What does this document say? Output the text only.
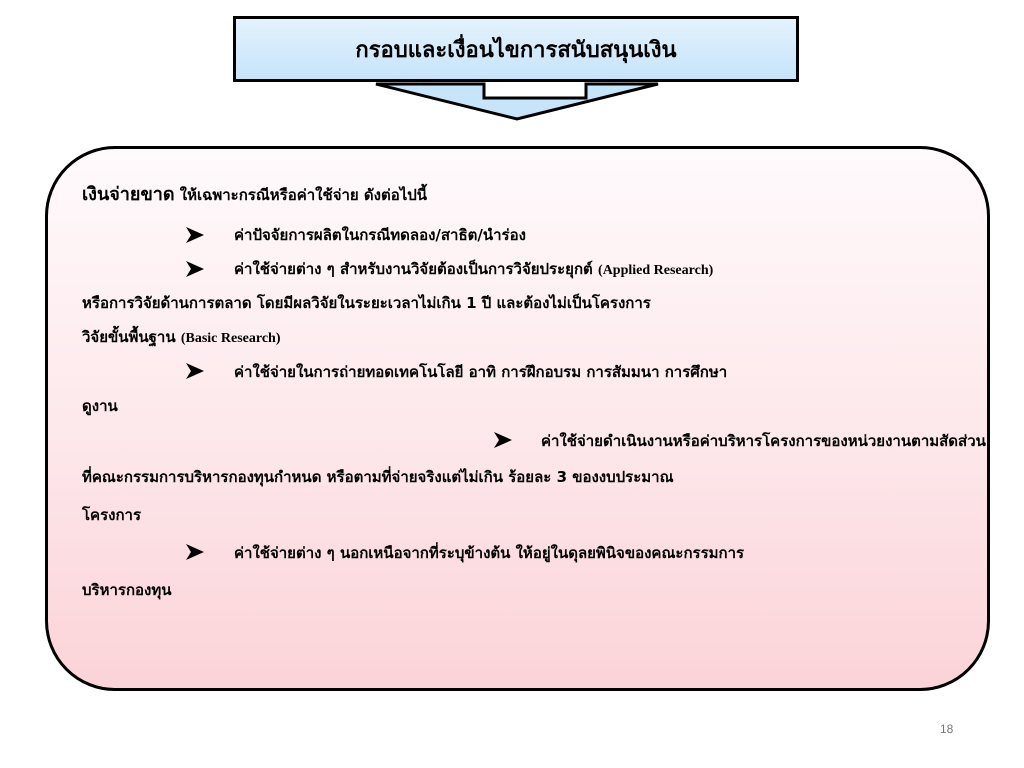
กรอบและเงื่อนไขการสนับสนุนเงิน
เงินจ่ายขาด ให้เฉพาะกรณีหรือค่าใช้จ่าย ดังต่อไปนี้
ค่าปัจจัยการผลิตในกรณีทดลอง/สาธิต/นำร่อง
ค่าใช้จ่ายต่าง ๆ สำหรับงานวิจัยต้องเป็นการวิจัยประยุกต์ (Applied Research)
หรือการวิจัยด้านการตลาด โดยมีผลวิจัยในระยะเวลาไม่เกิน 1 ปี และต้องไม่เป็นโครงการ
วิจัยขั้นพื้นฐาน (Basic Research)
ค่าใช้จ่ายในการถ่ายทอดเทคโนโลยี อาทิ การฝึกอบรม การสัมมนา การศึกษา
ดูงาน
ค่าใช้จ่ายดำเนินงานหรือค่าบริหารโครงการของหน่วยงานตามสัดส่วน
ที่คณะกรรมการบริหารกองทุนกำหนด หรือตามที่จ่ายจริงแต่ไม่เกิน ร้อยละ 3 ของงบประมาณ
โครงการ
ค่าใช้จ่ายต่าง ๆ นอกเหนือจากที่ระบุข้างต้น ให้อยู่ในดุลยพินิจของคณะกรรมการ
บริหารกองทุน
18
